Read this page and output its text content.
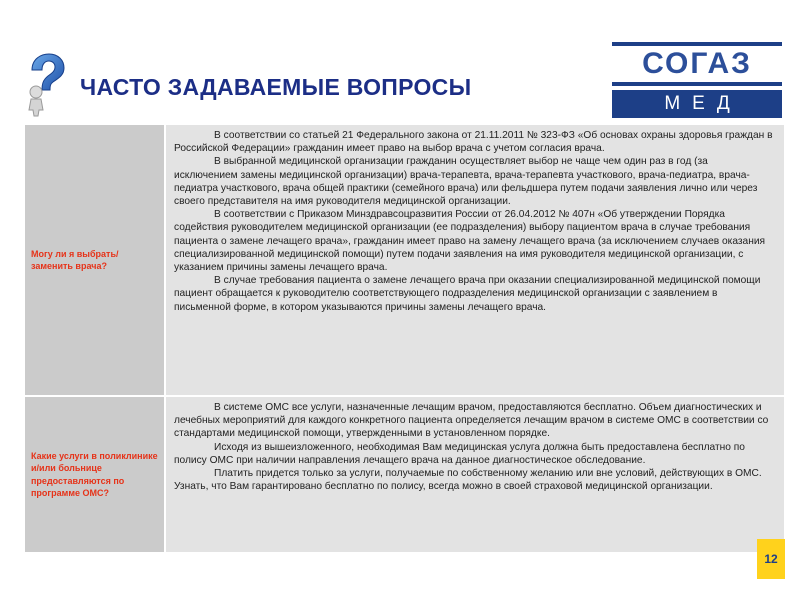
ЧАСТО ЗАДАВАЕМЫЕ ВОПРОСЫ
СОГАЗ
МЕД
Могу ли я выбрать/заменить врача?

В соответствии со статьей 21 Федерального закона от 21.11.2011 № 323-ФЗ «Об основах охраны здоровья граждан в Российской Федерации» гражданин имеет право на выбор врача с учетом согласия врача.

В выбранной медицинской организации гражданин осуществляет выбор не чаще чем один раз в год (за исключением замены медицинской организации) врача-терапевта, врача-терапевта участкового, врача-педиатра, врача-педиатра участкового, врача общей практики (семейного врача) или фельдшера путем подачи заявления лично или через своего представителя на имя руководителя медицинской организации.

В соответствии с Приказом Минздравсоцразвития России от 26.04.2012 № 407н «Об утверждении Порядка содействия руководителем медицинской организации (ее подразделения) выбору пациентом врача в случае требования пациента о замене лечащего врача», гражданин имеет право на замену лечащего врача (за исключением случаев оказания специализированной медицинской помощи) путем подачи заявления на имя руководителя медицинской организации, с указанием причины замены лечащего врача.

В случае требования пациента о замене лечащего врача при оказании специализированной медицинской помощи пациент обращается к руководителю соответствующего подразделения медицинской организации с заявлением в письменной форме, в котором указываются причины замены лечащего врача.

Какие услуги в поликлинике и/или больнице предоставляются по программе ОМС?

В системе ОМС все услуги, назначенные лечащим врачом, предоставляются бесплатно. Объем диагностических и лечебных мероприятий для каждого конкретного пациента определяется лечащим врачом в системе ОМС в соответствии со стандартами медицинской помощи, утвержденными в установленном порядке.

Исходя из вышеизложенного, необходимая Вам медицинская услуга должна быть предоставлена бесплатно по полису ОМС при наличии направления лечащего врача на данное диагностическое обследование.

Платить придется только за услуги, получаемые по собственному желанию или вне условий, действующих в ОМС. Узнать, что Вам гарантировано бесплатно по полису, всегда можно в своей страховой медицинской организации.

12
